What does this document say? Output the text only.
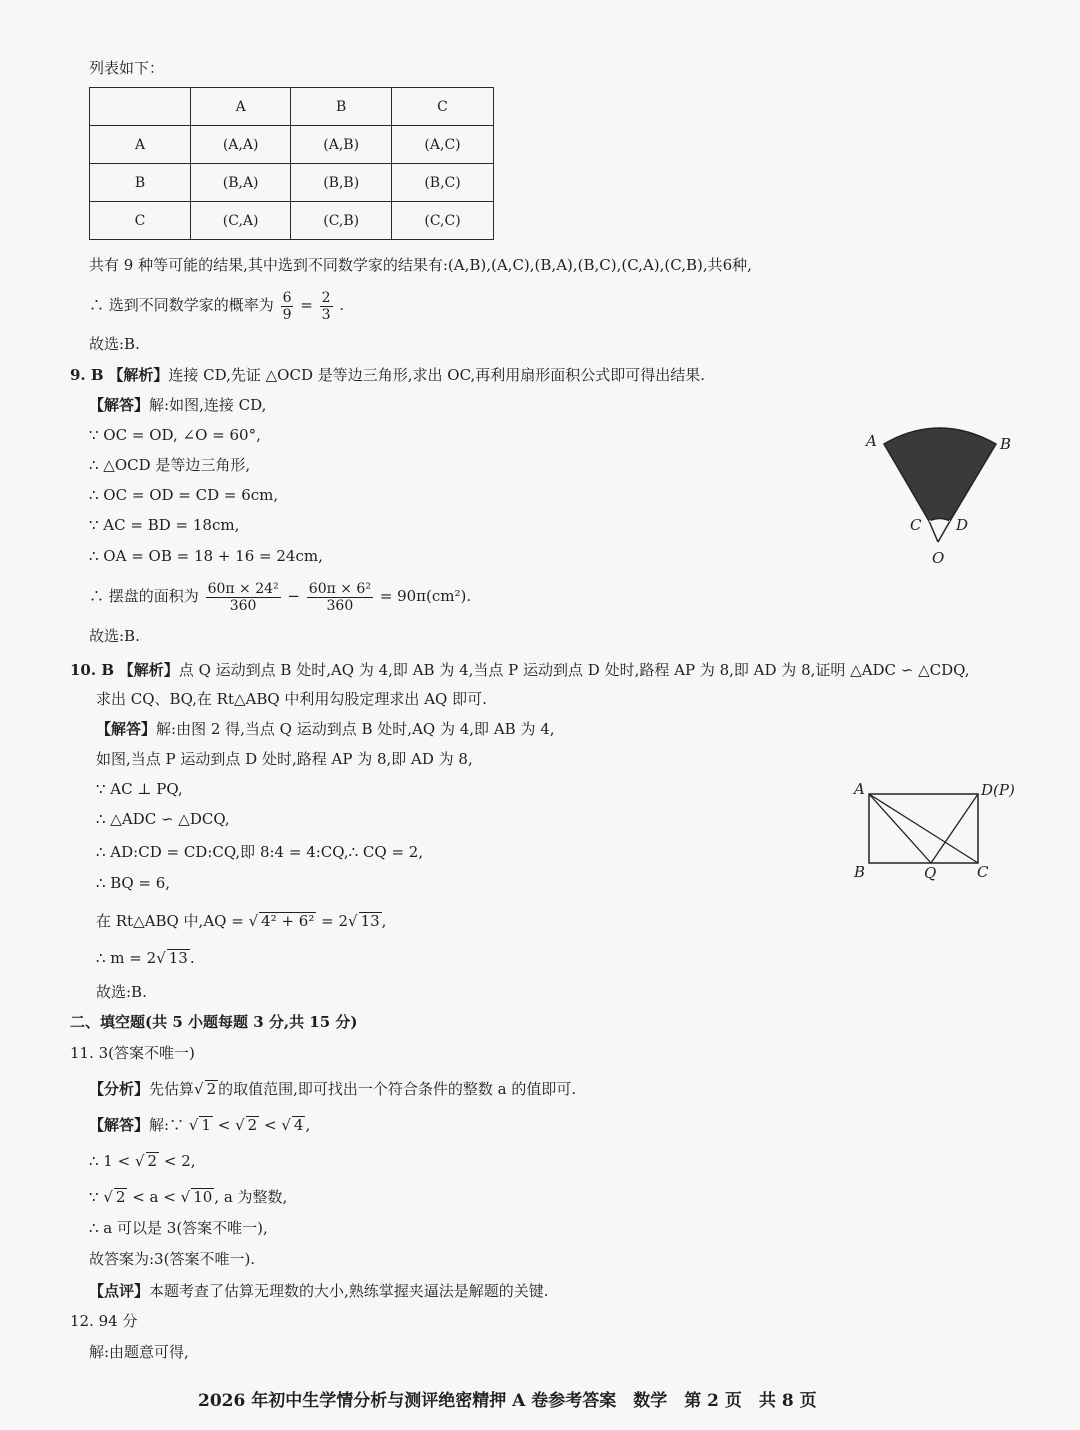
列表如下：
	A	B	C
A	(A,A)	(A,B)	(A,C)
B	(B,A)	(B,B)	(B,C)
C	(C,A)	(C,B)	(C,C)
共有 9 种等可能的结果,其中选到不同数学家的结果有:(A,B),(A,C),(B,A),(B,C),(C,A),(C,B),共6种,
∴ 选到不同数学家的概率为 $\frac{6}{9} = \frac{2}{3}$ .
故选:B.
9. B 【解析】连接 CD,先证 △OCD 是等边三角形,求出 OC,再利用扇形面积公式即可得出结果.
【解答】解:如图,连接 CD,
∵ OC = OD, ∠O = 60°,
∴ △OCD 是等边三角形,
∴ OC = OD = CD = 6cm,
∵ AC = BD = 18cm,
∴ OA = OB = 18 + 16 = 24cm,
∴ 摆盘的面积为 $\frac{\text{60π × 24²}}{360} - \frac{\text{60π × 6²}}{360} = 90\pi(cm^2)$.
故选:B.
A	B
C D
O
10. B 【解析】点 Q 运动到点 B 处时,AQ 为 4,即 AB 为 4,当点 P 运动到点 D 处时,路程 AP 为 8,即 AD 为 8,证明 △ADC ∽ △CDQ,
求出 CQ、BQ,在 Rt△ABQ 中利用勾股定理求出 AQ 即可.
【解答】解:由图 2 得,当点 Q 运动到点 B 处时,AQ 为 4,即 AB 为 4,
如图,当点 P 运动到点 D 处时,路程 AP 为 8,即 AD 为 8,
∵ AC ⊥ PQ,
∴ △ADC ∽ △DCQ,
∴ AD:CD = CD:CQ,即 8:4 = 4:CQ,∴ CQ = 2,
∴ BQ = 6,
在 Rt△ABQ 中,AQ = √ 4² + 6² = 2√ 13 ,
∴ m = 2√ 13 .
故选:B.
A	D(P)
B	Q	C
二、填空题(共 5 小题每题 3 分,共 15 分)
11. 3(答案不唯一)
【分析】先估算√ 2 的取值范围,即可找出一个符合条件的整数 a 的值即可.
【解答】解:∵ √ 1 < √ 2 < √ 4 ,
∴ 1 < √ 2 < 2,
∵ √ 2 < a < √ 10 , a 为整数,
∴ a 可以是 3(答案不唯一),
故答案为:3(答案不唯一).
【点评】本题考查了估算无理数的大小,熟练掌握夹逼法是解题的关键.
12. 94 分
解:由题意可得,
2026 年初中生学情分析与测评绝密精押 A 卷参考答案　数学　第 2 页　共 8 页
